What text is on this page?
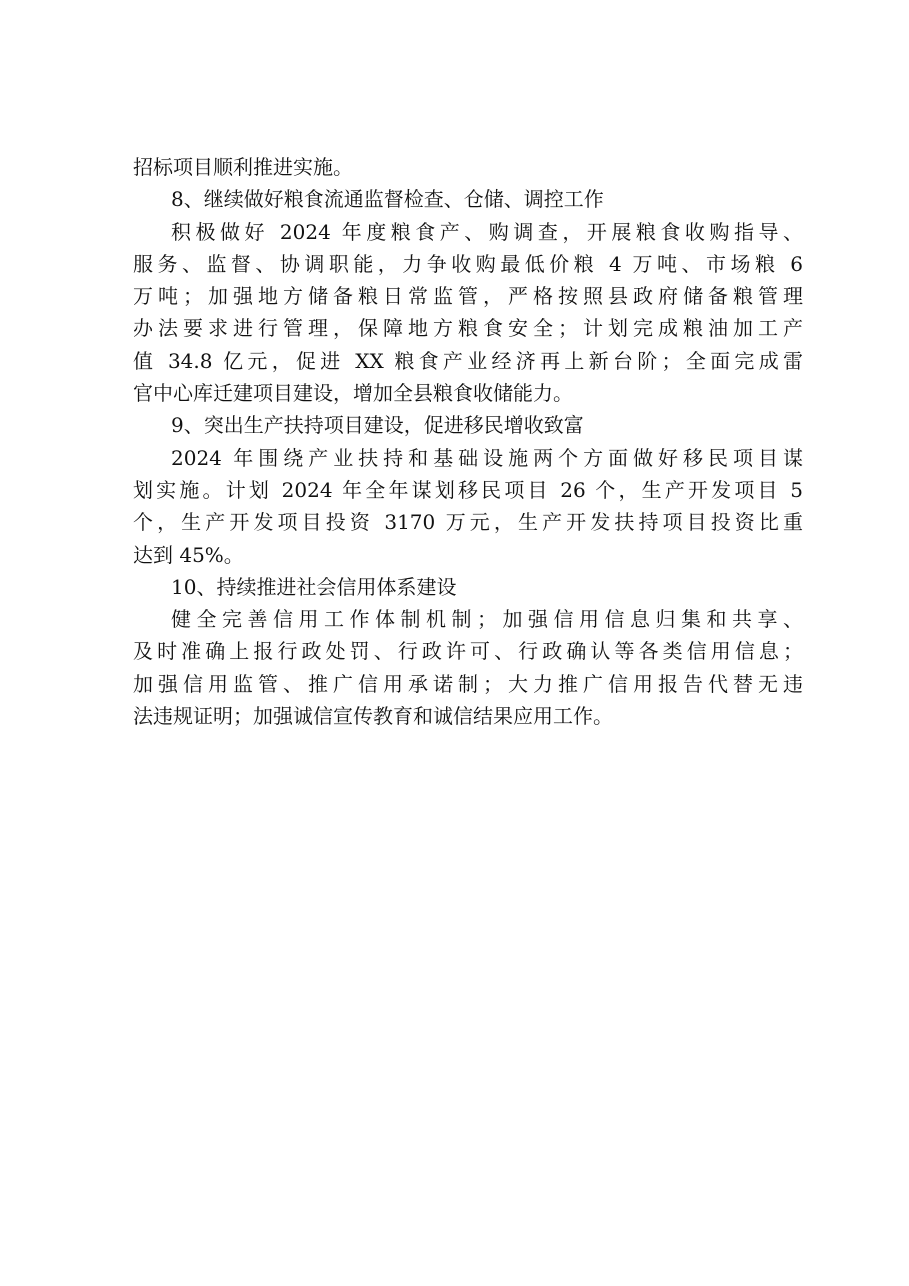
招标项目顺利推进实施。
8、继续做好粮食流通监督检查、仓储、调控工作
积极做好 2024 年度粮食产、购调查，开展粮食收购指导、
服务、监督、协调职能，力争收购最低价粮 4 万吨、市场粮 6
万吨；加强地方储备粮日常监管，严格按照县政府储备粮管理
办法要求进行管理，保障地方粮食安全；计划完成粮油加工产
值 34.8 亿元，促进 XX 粮食产业经济再上新台阶；全面完成雷
官中心库迁建项目建设，增加全县粮食收储能力。
9、突出生产扶持项目建设，促进移民增收致富
2024 年围绕产业扶持和基础设施两个方面做好移民项目谋
划实施。计划 2024 年全年谋划移民项目 26 个，生产开发项目 5
个，生产开发项目投资 3170 万元，生产开发扶持项目投资比重
达到 45%。
10、持续推进社会信用体系建设
健全完善信用工作体制机制；加强信用信息归集和共享、
及时准确上报行政处罚、行政许可、行政确认等各类信用信息；
加强信用监管、推广信用承诺制；大力推广信用报告代替无违
法违规证明；加强诚信宣传教育和诚信结果应用工作。
